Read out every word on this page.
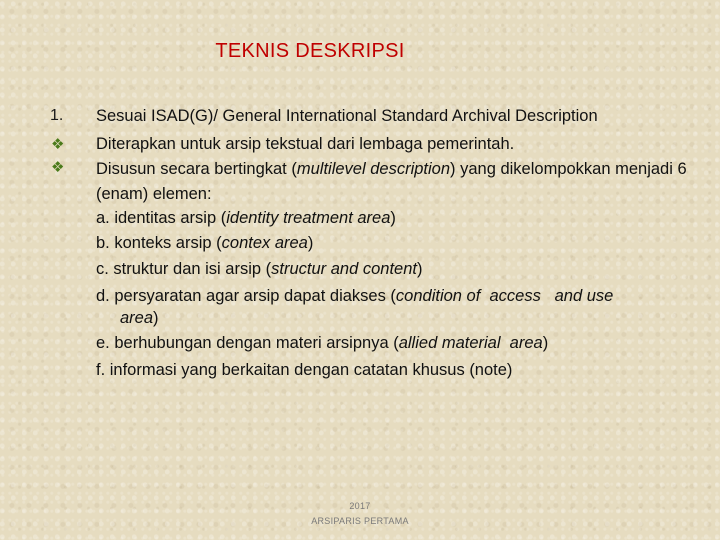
TEKNIS DESKRIPSI
1. Sesuai ISAD(G)/ General International Standard Archival Description
❖ Diterapkan untuk arsip tekstual dari lembaga pemerintah.
❖ Disusun secara bertingkat (multilevel description) yang dikelompokkan menjadi 6 (enam) elemen:
a. identitas arsip (identity treatment area)
b. konteks arsip (contex area)
c. struktur dan isi arsip (structur and content)
d. persyaratan agar arsip dapat diakses (condition of  access   and use
area)
e. berhubungan dengan materi arsipnya (allied material  area)
f. informasi yang berkaitan dengan catatan khusus (note)
2017
ARSIPARIS PERTAMA
